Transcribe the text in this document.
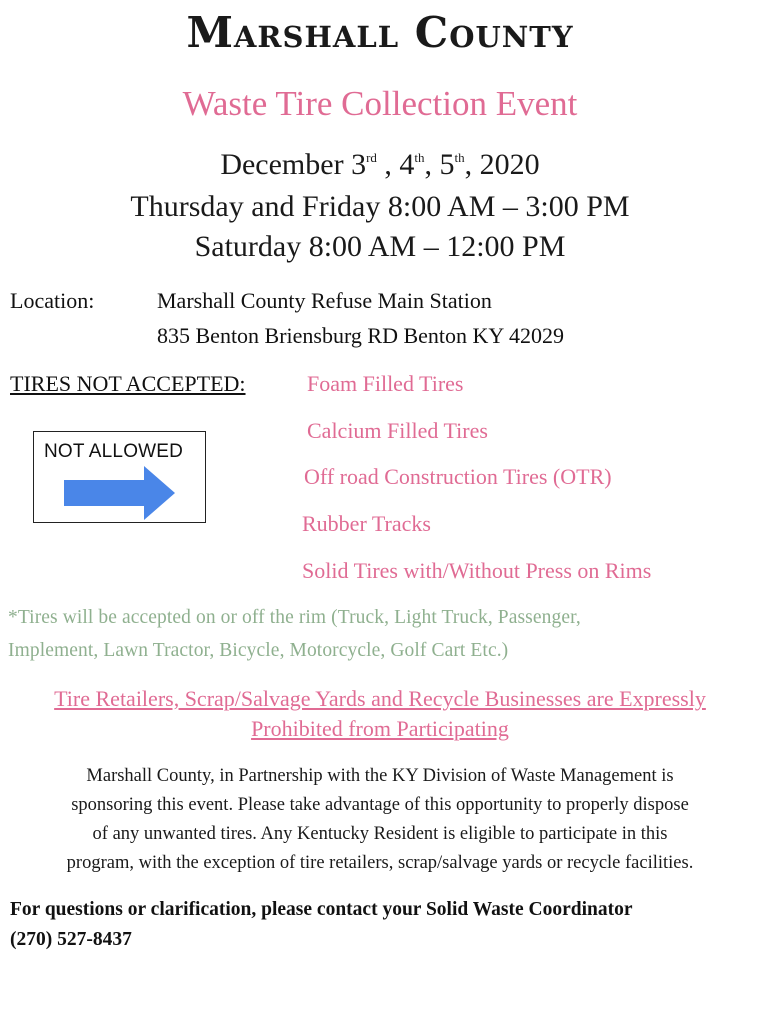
Marshall County
Waste Tire Collection Event
December 3rd , 4th, 5th, 2020
Thursday and Friday 8:00 AM – 3:00 PM
Saturday 8:00 AM – 12:00 PM
Location:	Marshall County Refuse Main Station
835 Benton Briensburg RD Benton KY 42029
TIRES NOT ACCEPTED:
NOT ALLOWED
Foam Filled Tires
Calcium Filled Tires
Off road Construction Tires (OTR)
Rubber Tracks
Solid Tires with/Without Press on Rims
*Tires will be accepted on or off the rim (Truck, Light Truck, Passenger,
Implement, Lawn Tractor, Bicycle, Motorcycle, Golf Cart Etc.)
Tire Retailers, Scrap/Salvage Yards and Recycle Businesses are Expressly
Prohibited from Participating
Marshall County, in Partnership with the KY Division of Waste Management is
sponsoring this event. Please take advantage of this opportunity to properly dispose
of any unwanted tires. Any Kentucky Resident is eligible to participate in this
program, with the exception of tire retailers, scrap/salvage yards or recycle facilities.
For questions or clarification, please contact your Solid Waste Coordinator
(270) 527-8437
